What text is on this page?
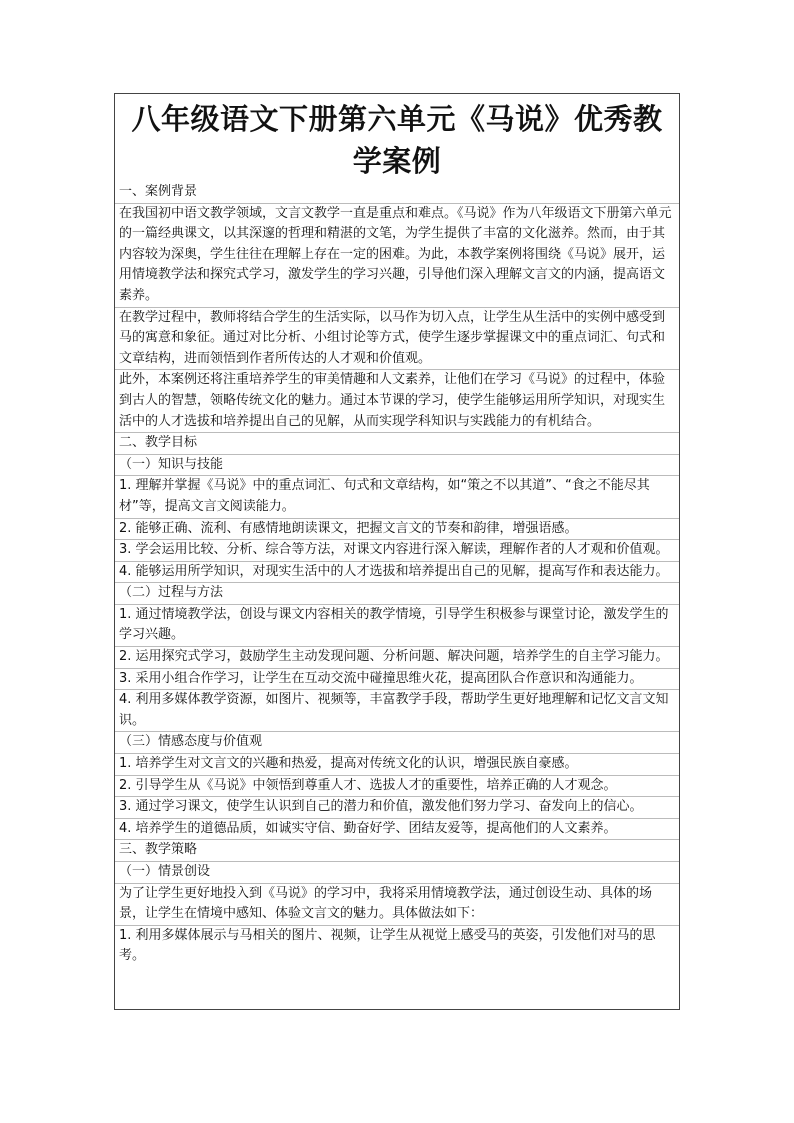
八年级语文下册第六单元《马说》优秀教学案例

一、案例背景

在我国初中语文教学领域，文言文教学一直是重点和难点。《马说》作为八年级语文下册第六单元的一篇经典课文，以其深邃的哲理和精湛的文笔，为学生提供了丰富的文化滋养。然而，由于其内容较为深奥，学生往往在理解上存在一定的困难。为此，本教学案例将围绕《马说》展开，运用情境教学法和探究式学习，激发学生的学习兴趣，引导他们深入理解文言文的内涵，提高语文素养。

在教学过程中，教师将结合学生的生活实际，以马作为切入点，让学生从生活中的实例中感受到马的寓意和象征。通过对比分析、小组讨论等方式，使学生逐步掌握课文中的重点词汇、句式和文章结构，进而领悟到作者所传达的人才观和价值观。

此外，本案例还将注重培养学生的审美情趣和人文素养，让他们在学习《马说》的过程中，体验到古人的智慧，领略传统文化的魅力。通过本节课的学习，使学生能够运用所学知识，对现实生活中的人才选拔和培养提出自己的见解，从而实现学科知识与实践能力的有机结合。

二、教学目标

（一）知识与技能

1. 理解并掌握《马说》中的重点词汇、句式和文章结构，如“策之不以其道”、“食之不能尽其材”等，提高文言文阅读能力。

2. 能够正确、流利、有感情地朗读课文，把握文言文的节奏和韵律，增强语感。

3. 学会运用比较、分析、综合等方法，对课文内容进行深入解读，理解作者的人才观和价值观。

4. 能够运用所学知识，对现实生活中的人才选拔和培养提出自己的见解，提高写作和表达能力。

（二）过程与方法

1. 通过情境教学法，创设与课文内容相关的教学情境，引导学生积极参与课堂讨论，激发学生的学习兴趣。

2. 运用探究式学习，鼓励学生主动发现问题、分析问题、解决问题，培养学生的自主学习能力。

3. 采用小组合作学习，让学生在互动交流中碰撞思维火花，提高团队合作意识和沟通能力。

4. 利用多媒体教学资源，如图片、视频等，丰富教学手段，帮助学生更好地理解和记忆文言文知识。

（三）情感态度与价值观

1. 培养学生对文言文的兴趣和热爱，提高对传统文化的认识，增强民族自豪感。

2. 引导学生从《马说》中领悟到尊重人才、选拔人才的重要性，培养正确的人才观念。

3. 通过学习课文，使学生认识到自己的潜力和价值，激发他们努力学习、奋发向上的信心。

4. 培养学生的道德品质，如诚实守信、勤奋好学、团结友爱等，提高他们的人文素养。

三、教学策略

（一）情景创设

为了让学生更好地投入到《马说》的学习中，我将采用情境教学法，通过创设生动、具体的场景，让学生在情境中感知、体验文言文的魅力。具体做法如下：

1. 利用多媒体展示与马相关的图片、视频，让学生从视觉上感受马的英姿，引发他们对马的思考。
